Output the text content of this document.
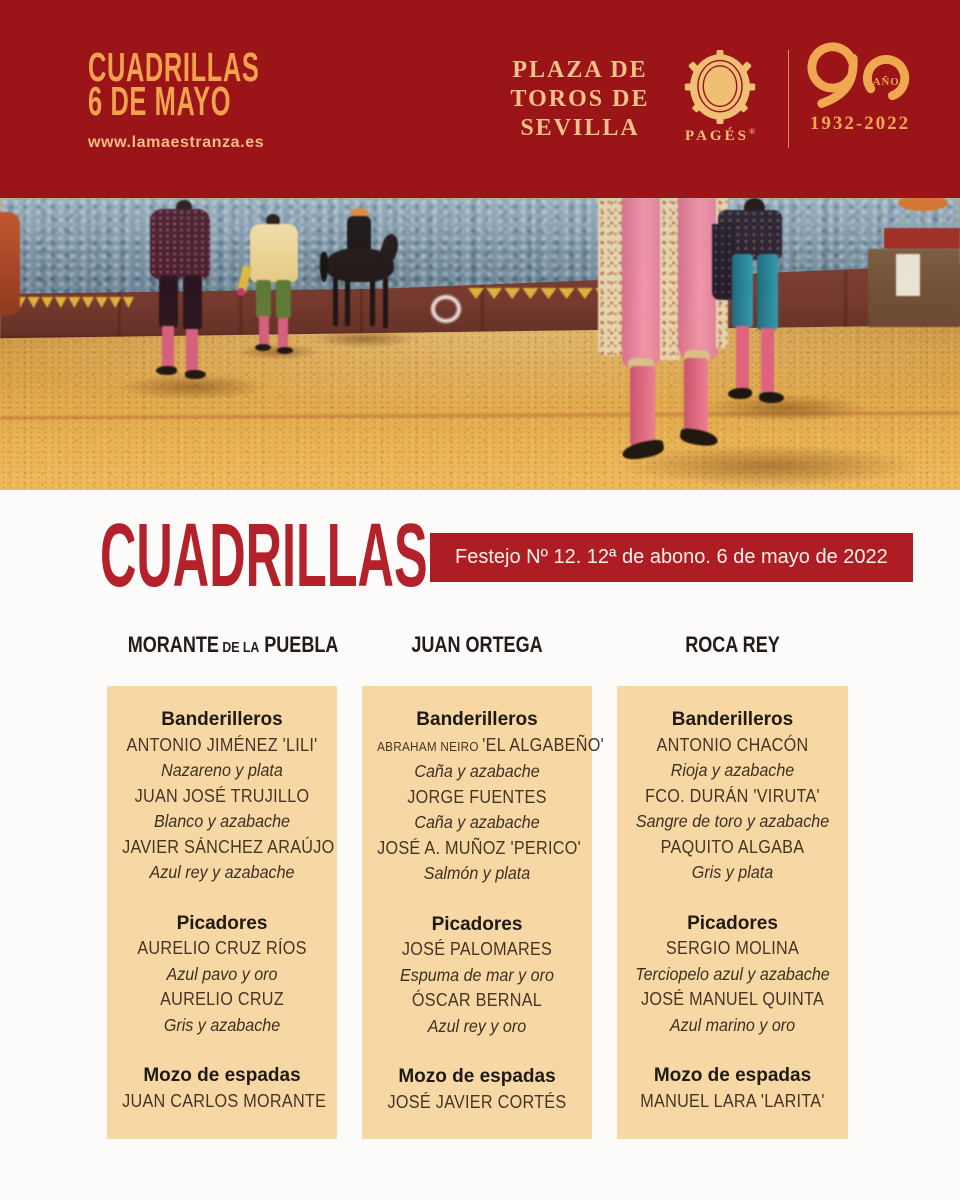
CUADRILLAS
6 DE MAYO
www.lamaestranza.es
PLAZA DE
TOROS DE
SEVILLA	PAGÉS®
AÑOS
1932-2022
CUADRILLAS	Festejo Nº 12. 12ª de abono. 6 de mayo de 2022
MORANTE DE LA PUEBLA	JUAN ORTEGA	ROCA REY
Banderilleros
ANTONIO JIMÉNEZ 'LILI'
Nazareno y plata
JUAN JOSÉ TRUJILLO
Blanco y azabache
JAVIER SÁNCHEZ ARAÚJO
Azul rey y azabache
Picadores
AURELIO CRUZ RÍOS
Azul pavo y oro
AURELIO CRUZ
Gris y azabache
Mozo de espadas
JUAN CARLOS MORANTE
Banderilleros
ABRAHAM NEIRO 'EL ALGABEÑO'
Caña y azabache
JORGE FUENTES
Caña y azabache
JOSÉ A. MUÑOZ 'PERICO'
Salmón y plata
Picadores
JOSÉ PALOMARES
Espuma de mar y oro
ÓSCAR BERNAL
Azul rey y oro
Mozo de espadas
JOSÉ JAVIER CORTÉS
Banderilleros
ANTONIO CHACÓN
Rioja y azabache
FCO. DURÁN 'VIRUTA'
Sangre de toro y azabache
PAQUITO ALGABA
Gris y plata
Picadores
SERGIO MOLINA
Terciopelo azul y azabache
JOSÉ MANUEL QUINTA
Azul marino y oro
Mozo de espadas
MANUEL LARA 'LARITA'
